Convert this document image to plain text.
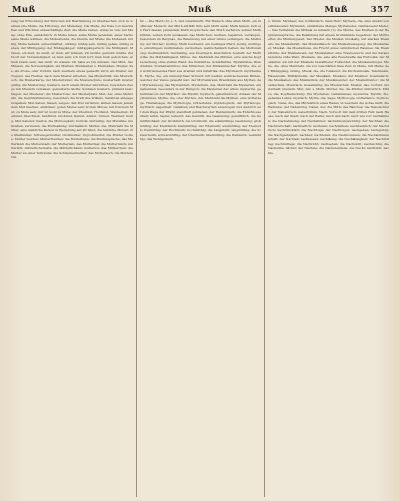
Muß	Muß	Muß	357

sung bei Ermordung der Personen mit Bestimmung zu überraschen, sich zu wehren (die Muße, die Erholung, der Mußetag). Die Muße, die freie von Geschäften und Pflichten unbeschäftigte Zeit; die Muße haben, etwas zu tun; mit Muße, ohne Eile, gemächlich; in Muße leben; seine Muße genießen; einer Sache seine Muße widmen; die Mußestunde, die Stunde der Muße; die Mußezeit; müßig, Muße habend, unbeschäftigt, untätig; müßig sein, müßig gehen, müßig stehen; der Müßiggang; der Müßiggänger; müßiggängerisch; die Müßigkeit. Müssen, ich muß, du mußt, er muß, wir müssen; ich mußte; gemußt; müßte. Zeitwort der Notwendigkeit: es muß sein; ich muß fort; man muß gehorchen; er muß krank sein; das mußt du wissen; ich habe es tun müssen. Der Muß, das Müssen, die Notwendigkeit; ein Mußteil. Mußmaßen s. Mutmaßen. Muster, das, ein Probe- oder Vorbild, nach welchem etwas gemacht wird; ein Muster der Tugend, des Fleißes; nach dem Muster arbeiten; das Musterbild; das Musterbuch; die Musterkarte; der Musterreiter; die Musterschule; musterhaft; mustergültig; die Musterung; mustern, nach einem Muster einrichten, besonders Zeuge mit Mustern versehen; gemusterte Stoffe; Soldaten mustern, prüfend besichtigen; der Musterer; die Musterrolle; der Musterplatz. Mut, der, ohne Mehrzahl, die Gemütsstimmung, besonders die Kraft des Willens, Gefahren entgegenzugehen; Mut haben, fassen, zeigen; den Mut verlieren, sinken lassen; jemandem Mut machen, einflößen; guten Mutes sein; frohen Mutes; mit frischem Mut; zu Mute sein; mir ist wohl zu Mute; der Übermut, Hochmut, Wankelmut, Kleinmut, Gleichmut, Sanftmut, Großmut, Demut, Anmut, Unmut, Wehmut; mutig, Mut habend; mutlos; die Mutlosigkeit; mutvoll; mutwillig; der Mutwille; mutmaßen, vermuten; die Mutmaßung; mutmaßlich. Mutter, die, Mehrzahl die Mütter, eine weibliche Person in Beziehung auf ihr Kind; die leibliche Mutter; die Stiefmutter, Schwiegermutter, Großmutter, Urgroßmutter; die Mutter Gottes; Mutter werden; Mutterfreuden; die Mutterliebe; die Muttersprache; das Mutterland; die Mutterstadt; der Mutterleib; das Muttermal; die Muttermilch; mütterlich; mütterlicherseits; die Mütterlichkeit; mutterlos; das Mütterchen; die Mutter an einer Schraube; die Schraubenmutter; das Mutterkorn; die Muttererde.

ist — Die Muth (5), s. 5, und Gleichmuth. Ein Mensch ohne allen Muth, ein muthloser Mensch; der Muth entfällt ihm; sein Muth sank; Muth fassen, sich ein Herz fassen; jemandem Muth zusprechen; den Muth verlieren; seinen Muth kühlen, seinen Zorn auslassen; das Muthchen; muthen, begehren, verlangen, besonders im Bergbau, die Belehnung mit einer Grube verlangen; die Muthung; der Muther; muthig, Muth besitzend; ein muthiges Pferd, feurig; muthigen, ermuthigen; muthmaßen, vermuthen, wahrscheinlich halten; die Muthmaßung; muthmaßlich; muthwillig, aus Übermuth, absichtlich, boshaft; der Muthwille; die Muthwilligkeit. Mütze, die, Mehrzahl die Mützen, eine weiche Kopfbedeckung ohne steifen Rand; die Pelzmütze, Schlafmütze, Zipfelmütze, Dienstmütze, Studentenmütze; das Mützchen; der Mützenmacher. Myrrhe, die, ein wohlriechendes Harz aus Arabien und Ostafrika; das Myrrhenöl; myrrhenhaft. Myrte, die, ein immergrüner Strauch mit weißen wohlriechenden Blüten, welcher der Venus geweiht war; der Myrtenkranz, Brautkranz aus Myrten; der Myrtenzweig; das Myrtenblatt. Mysterium, das, Mehrzahl die Mysterien, ein Geheimnis, besonders in der Religion; die Mysterien der Alten; mysteriös, geheimnisvoll; der Mystiker; die Mystik; mystisch, geheimnisvoll, dunkel; der Mystizismus. Mythe, die, oder Mythus, der, Mehrzahl die Mythen, eine Göttersage, Heldensage; die Mythologie, Götterlehre; mythologisch; der Mythologe; mythisch, sagenhaft. Gefahren und Beschwerden unterzogen und dadurch auf dem Wege der Pflicht standhaft geblieben; der Heldenmuth; die Entschlossenheit; kühn, tapfer, beherzt; das Gemüth, die Gesinnung; gemüthlich, die Gemüthlichkeit; der Großmuth, die Großmuth, die edelmüthige Gesinnung; großmüthig; der Kleinmuth; kleinmüthig; der Edelmuth; edelmüthig; der Freimuth; freimüthig; der Hochmuth; hochmüthig; die Langmuth; langmüthig; die Schwermuth; schwermüthig; der Übermuth; übermüthig; die Wehmuth; wehmüthig; das Wohlgemuth.

u. Sinnb. Mynheer, der, holländisch, mein Herr; Myriade, die, eine Anzahl von zehntausend; Myriaden, unzählbare Menge; Myriameter, zehntausend Meter. — Das Verfahren die Mühsal zu mildern (1), die Muthe, das Muthen in der Bergmannssprache, die Belehnung mit einem Grubenfelde begehren; der Muthzettel; die Muthungszeit. Der Mustel, die Muskel; muskelig, mit starken Muskeln; die Muskelkraft; das Muskelfleisch; die Muskelbewegung; die Muskelfaser. Muskat, die Muskatnuss, die Frucht eines ostindischen Baumes; die Muskatblüte; der Muskatwein; der Muskateller, eine Traubensorte und der daraus bereitete süße Wein. Muskete, die, eine alte Feuerwaffe des Fußvolks; der Musketier, ein mit der Muskete bewaffneter Fußsoldat; die Musketenkugel. Muße, die, ohne Mehrzahl, die von Geschäften freie Zeit; in Muße, mit Muße; der Müßiggang; müßig. Musik, die, die Tonkunst; die Kirchenmusik, Tafelmusik, Hausmusik, Militärmusik; der Musikant, Musikus; der Musiker; musikalisch; die Musikalien; das Musikstück; der Musikmeister; der Musikdirektor; die Musikschule. Musivisch, mosaikartig; die Musivarbeit. Muster, das, Vorbild; musterhaft; mustern. Mut, der, s. Muth. Mutter, die, die Mütter; mütterlich. Mütze, die, Kopfbedeckung. Die Mysterien, Geheimnisse; mysteriös. Mystik, die, geheime Lehre; mystisch. Mythe, die, Sage; Mythologie, Götterlehre; mythologisch. Nabe, die, das Mittelstück eines Rades, in welchem die Achse läuft; die Radnabe; der Nabenring. Nabel, der, die Mitte des Bauches; die Nabelschnur; der Nabelbruch; nabelförmig. Nach, Vorwort mit dem dritten Fall; nach Hause, nach der Stadt; nach der Reihe; nach und nach; nach wie vor; nachahmen; die Nachahmung; der Nachahmer; nachahmungswürdig; der Nachbar; die Nachbarschaft; nachbarlich; nachdem; nachdenken; nachdenklich; der Nachdruck; nachdrücklich; die Nachfolge; der Nachfolger; nachgeben; nachgiebig; die Nachgiebigkeit; nachher; nachholen; die Nachkommen; die Nachkommenschaft; der Nachlaß; nachlassen; nachlässig; die Nachlässigkeit; der Nachmittag; nachmittags; die Nachricht; nachsehen; die Nachsicht; nachsichtig; die Nachsilbe; nächst; der Nächste; die Nächstenliebe; die Nacht; nächtlich; nachts.
